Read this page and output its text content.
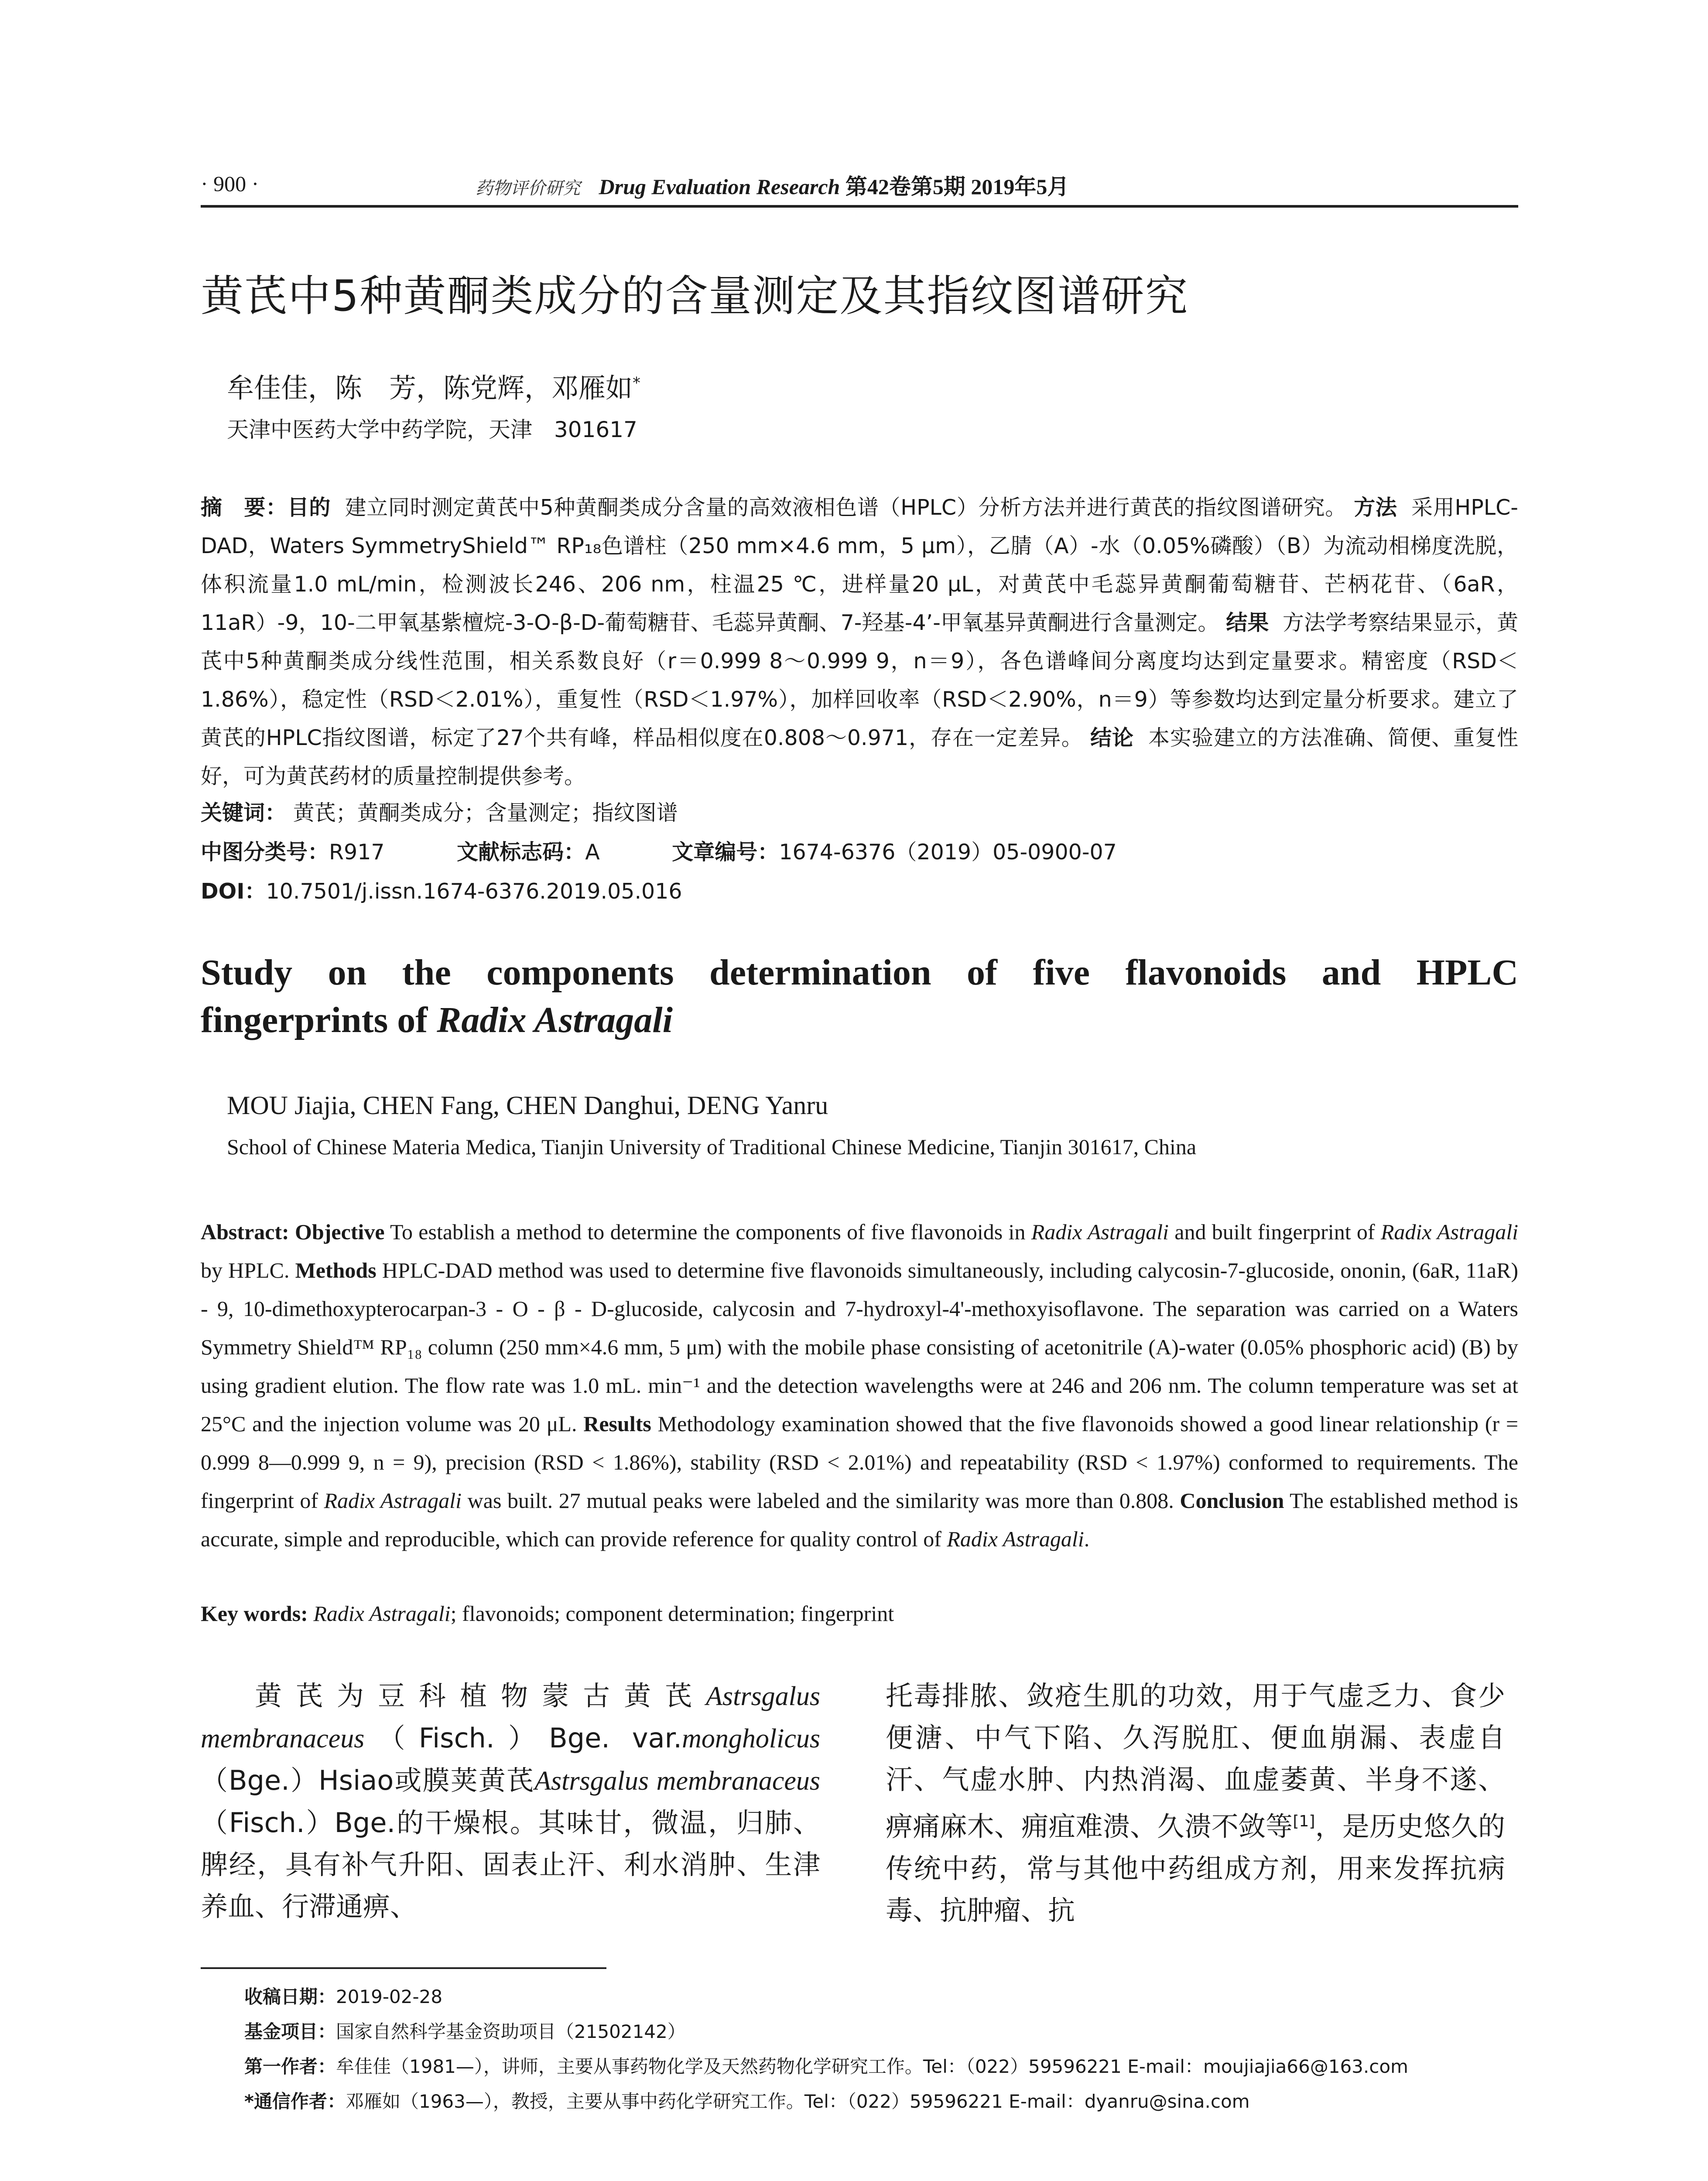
· 900 ·	药物评价研究 Drug Evaluation Research 第42卷第5期 2019年5月
黄芪中5种黄酮类成分的含量测定及其指纹图谱研究
牟佳佳，陈　芳，陈党辉，邓雁如*
天津中医药大学中药学院，天津　301617
摘　要：目的 建立同时测定黄芪中5种黄酮类成分含量的高效液相色谱（HPLC）分析方法并进行黄芪的指纹图谱研究。 方法 采用HPLC-DAD，Waters SymmetryShield™ RP₁₈色谱柱（250 mm×4.6 mm，5 μm），乙腈（A）-水（0.05%磷酸）（B）为流动相梯度洗脱，体积流量1.0 mL/min，检测波长246、206 nm，柱温25 ℃，进样量20 μL，对黄芪中毛蕊异黄酮葡萄糖苷、芒柄花苷、（6aR，11aR）-9，10-二甲氧基紫檀烷-3-O-β-D-葡萄糖苷、毛蕊异黄酮、7-羟基-4’-甲氧基异黄酮进行含量测定。 结果 方法学考察结果显示，黄芪中5种黄酮类成分线性范围，相关系数良好（r＝0.999 8～0.999 9，n＝9），各色谱峰间分离度均达到定量要求。精密度（RSD＜1.86%），稳定性（RSD＜2.01%），重复性（RSD＜1.97%），加样回收率（RSD＜2.90%，n＝9）等参数均达到定量分析要求。建立了黄芪的HPLC指纹图谱，标定了27个共有峰，样品相似度在0.808～0.971，存在一定差异。 结论 本实验建立的方法准确、简便、重复性好，可为黄芪药材的质量控制提供参考。
关键词： 黄芪；黄酮类成分；含量测定；指纹图谱
中图分类号：R917	文献标志码：A	文章编号：1674-6376（2019）05-0900-07
DOI：10.7501/j.issn.1674-6376.2019.05.016
Study on the components determination of five flavonoids and HPLC
fingerprints of Radix Astragali
MOU Jiajia, CHEN Fang, CHEN Danghui, DENG Yanru
School of Chinese Materia Medica, Tianjin University of Traditional Chinese Medicine, Tianjin 301617, China
Abstract: Objective To establish a method to determine the components of five flavonoids in Radix Astragali and built fingerprint of Radix Astragali by HPLC. Methods HPLC-DAD method was used to determine five flavonoids simultaneously, including calycosin-7-glucoside, ononin, (6aR, 11aR) - 9, 10-dimethoxypterocarpan-3 - O - β - D-glucoside, calycosin and 7-hydroxyl-4'-methoxyisoflavone. The separation was carried on a Waters Symmetry Shield™ RP₁₈ column (250 mm×4.6 mm, 5 μm) with the mobile phase consisting of acetonitrile (A)-water (0.05% phosphoric acid) (B) by using gradient elution. The flow rate was 1.0 mL. min⁻¹ and the detection wavelengths were at 246 and 206 nm. The column temperature was set at 25°C and the injection volume was 20 μL. Results Methodology examination showed that the five flavonoids showed a good linear relationship (r = 0.999 8—0.999 9, n = 9), precision (RSD < 1.86%), stability (RSD < 2.01%) and repeatability (RSD < 1.97%) conformed to requirements. The fingerprint of Radix Astragali was built. 27 mutual peaks were labeled and the similarity was more than 0.808. Conclusion The established method is accurate, simple and reproducible, which can provide reference for quality control of Radix Astragali.
Key words: Radix Astragali; flavonoids; component determination; fingerprint
黄芪为豆科植物蒙古黄芪Astrsgalus membranaceus（Fisch.）Bge. var.mongholicus（Bge.）Hsiao或膜荚黄芪Astrsgalus membranaceus（Fisch.）Bge.的干燥根。其味甘，微温，归肺、脾经，具有补气升阳、固表止汗、利水消肿、生津养血、行滞通痹、
托毒排脓、敛疮生肌的功效，用于气虚乏力、食少便溏、中气下陷、久泻脱肛、便血崩漏、表虚自汗、气虚水肿、内热消渴、血虚萎黄、半身不遂、痹痛麻木、痈疽难溃、久溃不敛等[1]，是历史悠久的传统中药，常与其他中药组成方剂，用来发挥抗病毒、抗肿瘤、抗
收稿日期：2019-02-28
基金项目：国家自然科学基金资助项目（21502142）
第一作者：牟佳佳（1981—），讲师，主要从事药物化学及天然药物化学研究工作。Tel：（022）59596221 E-mail：moujiajia66@163.com
*通信作者：邓雁如（1963—），教授，主要从事中药化学研究工作。Tel：（022）59596221 E-mail：dyanru@sina.com
